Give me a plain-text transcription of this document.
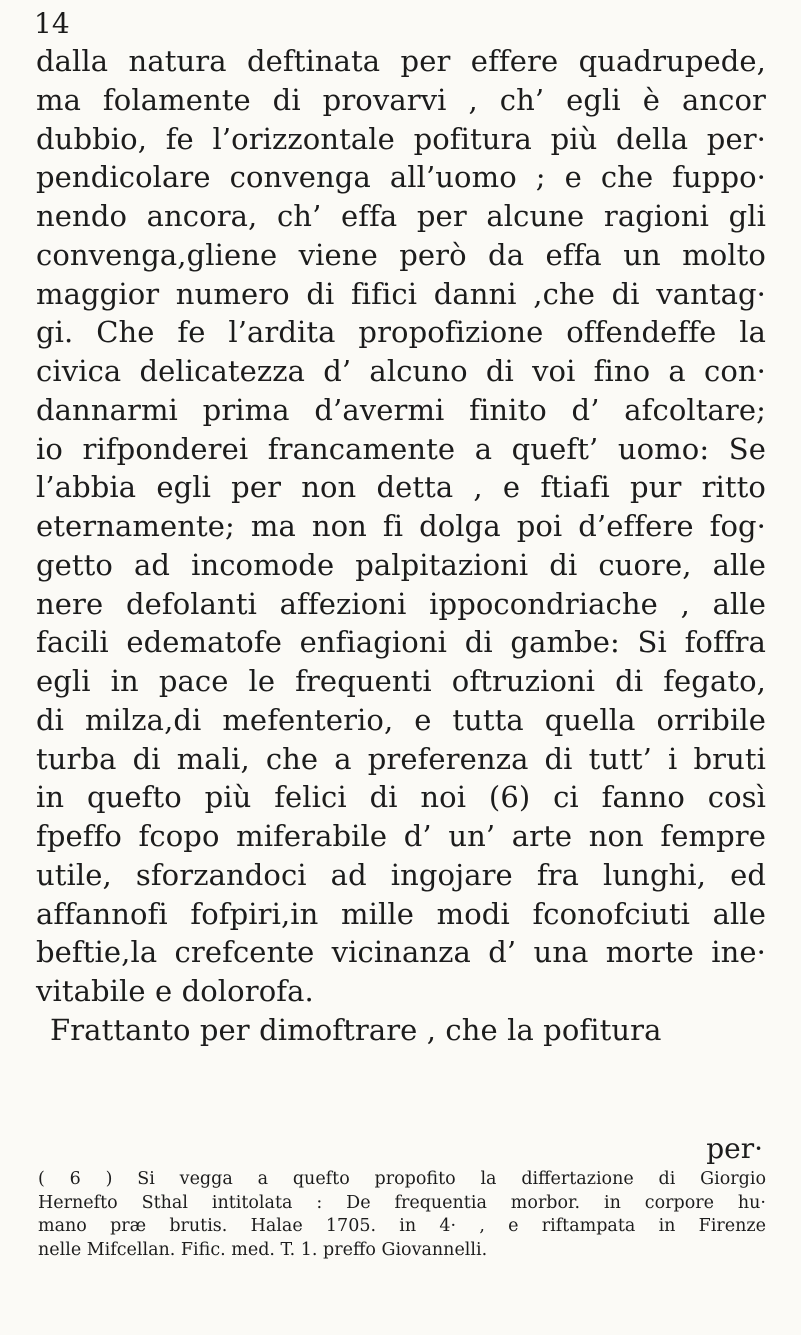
14
dalla natura deftinata per effere quadrupede,
ma folamente di provarvi , ch’ egli è ancor
dubbio, fe l’orizzontale pofitura più della per·
pendicolare convenga all’uomo ; e che fuppo·
nendo ancora, ch’ effa per alcune ragioni gli
convenga,gliene viene però da effa un molto
maggior numero di fifici danni ,che di vantag·
gi. Che fe l’ardita propofizione offendeffe la
civica delicatezza d’ alcuno di voi fino a con·
dannarmi prima d’avermi finito d’ afcoltare;
io rifponderei francamente a queft’ uomo: Se
l’abbia egli per non detta , e ftiafi pur ritto
eternamente; ma non fi dolga poi d’effere fog·
getto ad incomode palpitazioni di cuore, alle
nere defolanti affezioni ippocondriache , alle
facili edematofe enfiagioni di gambe: Si foffra
egli in pace le frequenti oftruzioni di fegato,
di milza,di mefenterio, e tutta quella orribile
turba di mali, che a preferenza di tutt’ i bruti
in quefto più felici di noi (6) ci fanno così
fpeffo fcopo miferabile d’ un’ arte non fempre
utile, sforzandoci ad ingojare fra lunghi, ed
affannofi fofpiri,in mille modi fconofciuti alle
beftie,la crefcente vicinanza d’ una morte ine·
vitabile e dolorofa.
Frattanto per dimoftrare , che la pofitura
per·
( 6 ) Si vegga a quefto propofito la differtazione di Giorgio
Hernefto Sthal intitolata : De frequentia morbor. in corpore hu·
mano præ brutis. Halae 1705. in 4· , e riftampata in Firenze
nelle Mifcellan. Fific. med. T. 1. preffo Giovannelli.
